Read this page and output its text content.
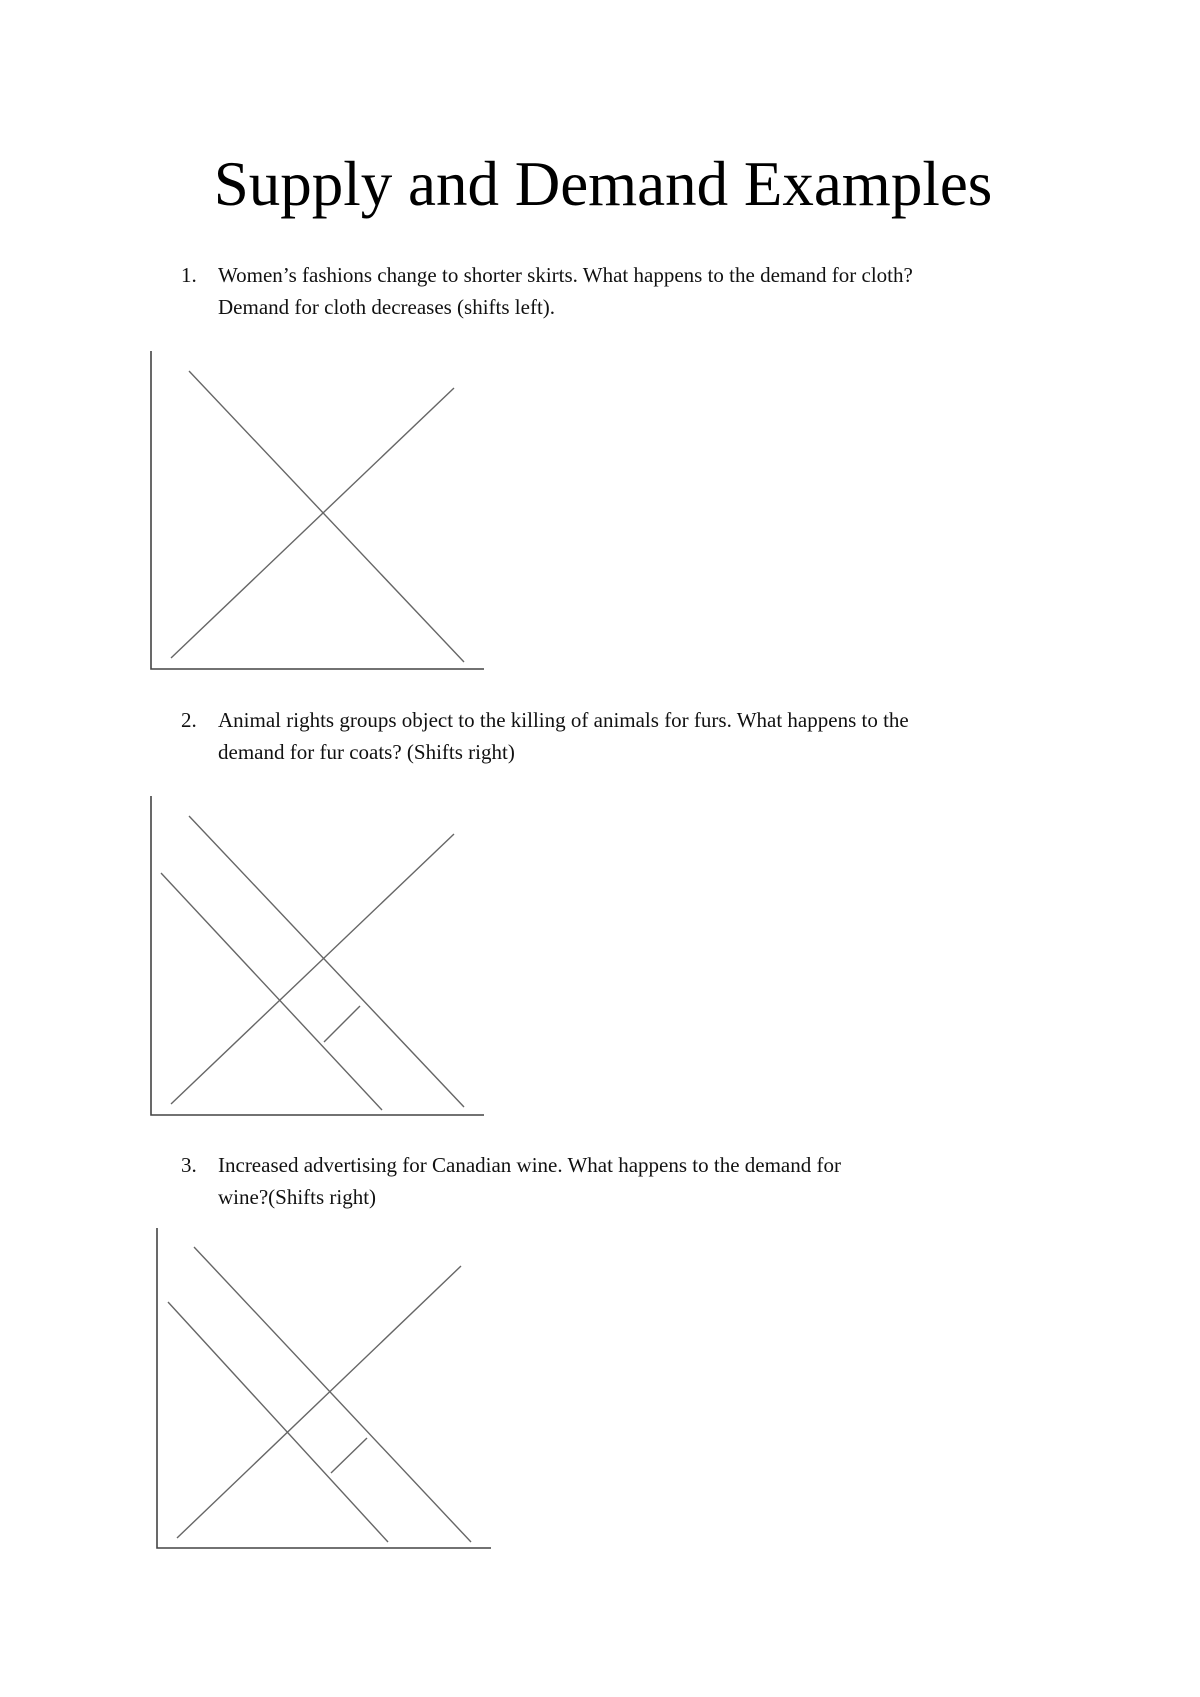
Supply and Demand Examples
1. Women’s fashions change to shorter skirts. What happens to the demand for cloth?
Demand for cloth decreases (shifts left).
2. Animal rights groups object to the killing of animals for furs. What happens to the
demand for fur coats? (Shifts right)
3. Increased advertising for Canadian wine. What happens to the demand for
wine?(Shifts right)
